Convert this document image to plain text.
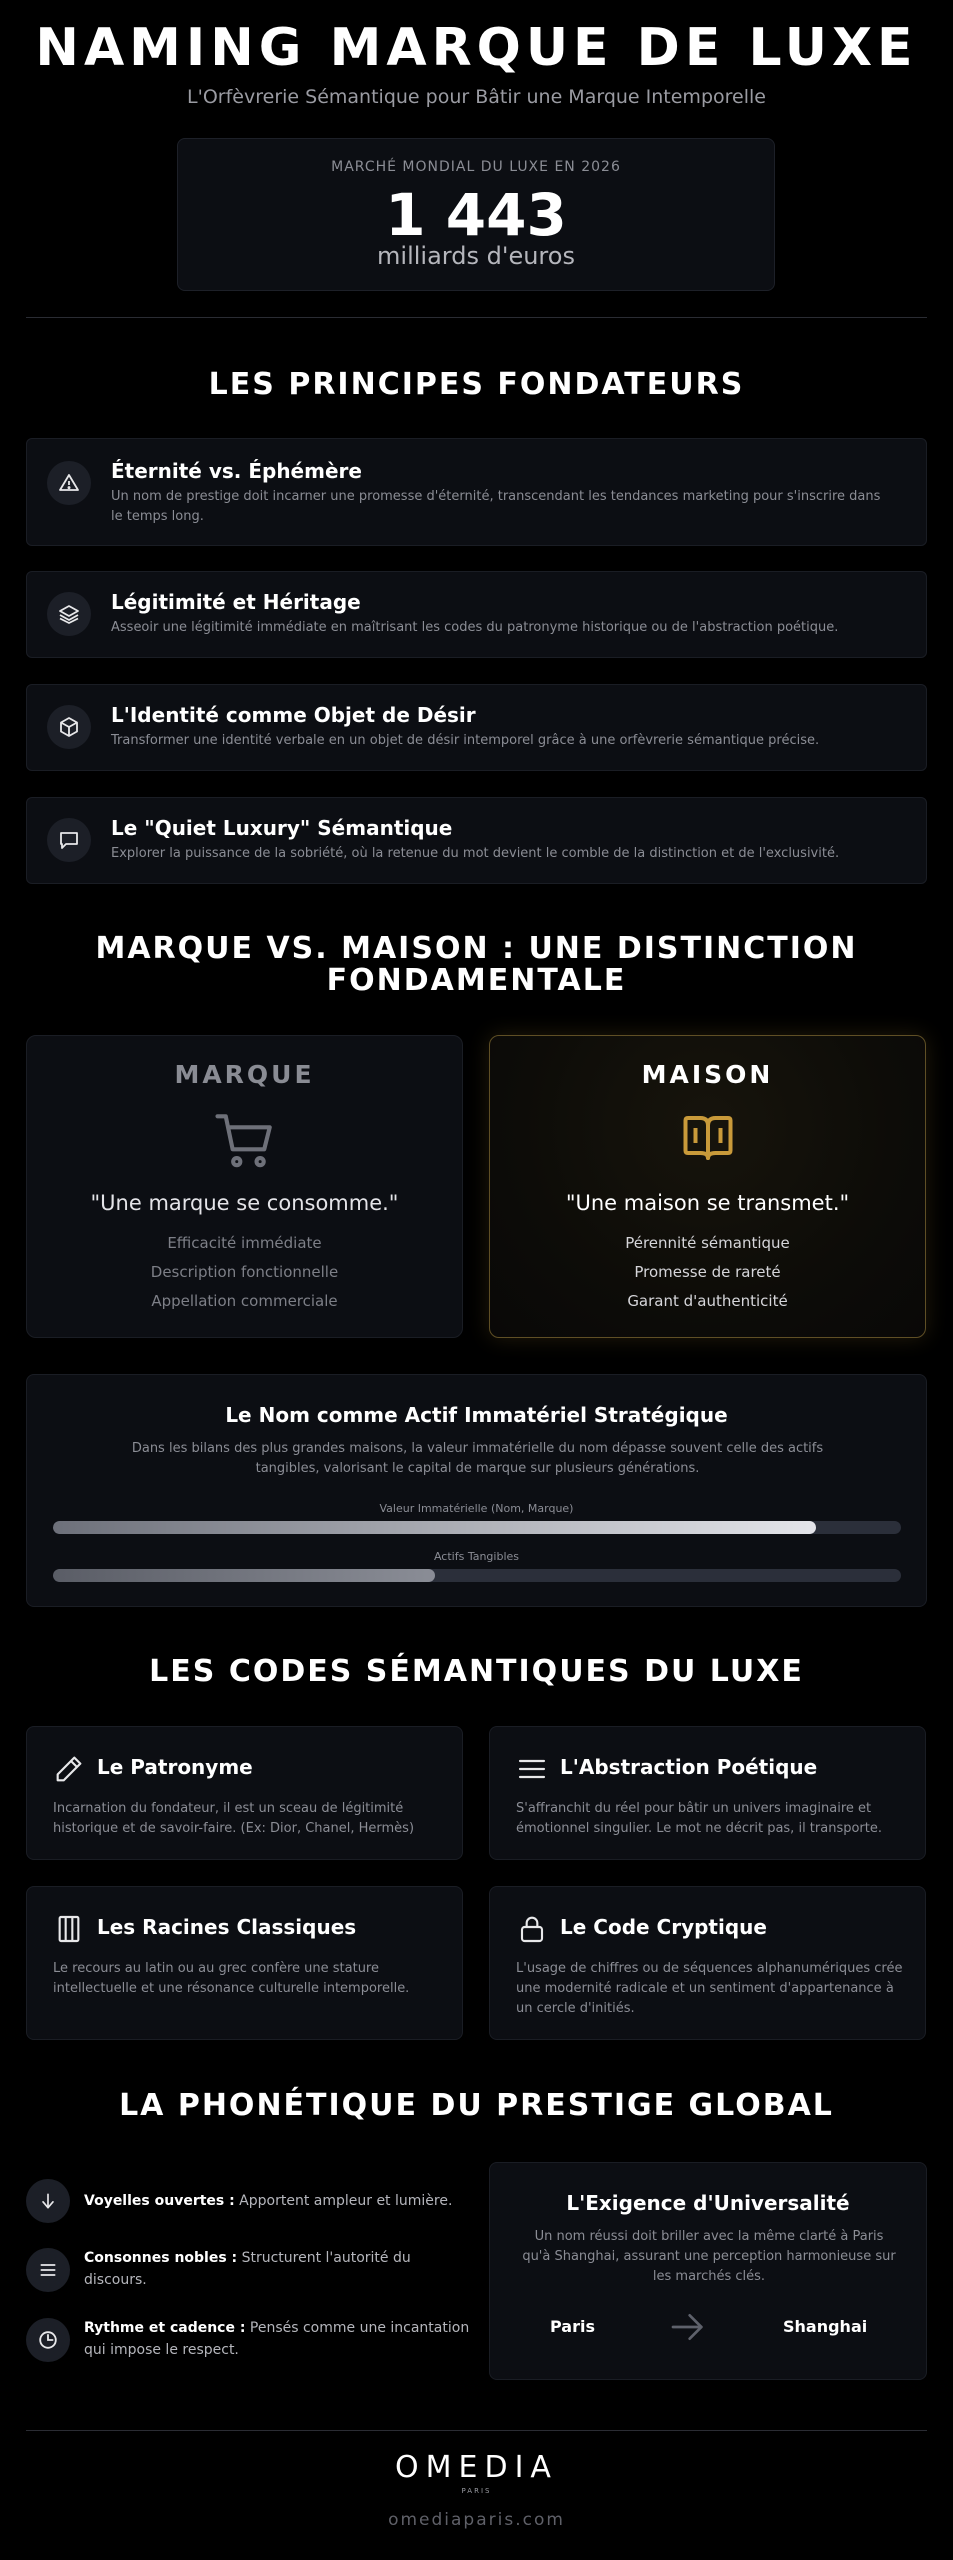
NAMING MARQUE DE LUXE
L'Orfèvrerie Sémantique pour Bâtir une Marque Intemporelle
MARCHÉ MONDIAL DU LUXE EN 2026
1 443
milliards d'euros
LES PRINCIPES FONDATEURS
Éternité vs. Éphémère
Un nom de prestige doit incarner une promesse d'éternité, transcendant les tendances marketing pour s'inscrire dans le temps long.
Légitimité et Héritage
Asseoir une légitimité immédiate en maîtrisant les codes du patronyme historique ou de l'abstraction poétique.
L'Identité comme Objet de Désir
Transformer une identité verbale en un objet de désir intemporel grâce à une orfèvrerie sémantique précise.
Le "Quiet Luxury" Sémantique
Explorer la puissance de la sobriété, où la retenue du mot devient le comble de la distinction et de l'exclusivité.
MARQUE VS. MAISON : UNE DISTINCTION
FONDAMENTALE
MARQUE
"Une marque se consomme."
Efficacité immédiate
Description fonctionnelle
Appellation commerciale
MAISON
"Une maison se transmet."
Pérennité sémantique
Promesse de rareté
Garant d'authenticité
Le Nom comme Actif Immatériel Stratégique
Dans les bilans des plus grandes maisons, la valeur immatérielle du nom dépasse souvent celle des actifs tangibles, valorisant le capital de marque sur plusieurs générations.
Valeur Immatérielle (Nom, Marque)
Actifs Tangibles
LES CODES SÉMANTIQUES DU LUXE
Le Patronyme
Incarnation du fondateur, il est un sceau de légitimité historique et de savoir-faire. (Ex: Dior, Chanel, Hermès)
L'Abstraction Poétique
S'affranchit du réel pour bâtir un univers imaginaire et émotionnel singulier. Le mot ne décrit pas, il transporte.
Les Racines Classiques
Le recours au latin ou au grec confère une stature intellectuelle et une résonance culturelle intemporelle.
Le Code Cryptique
L'usage de chiffres ou de séquences alphanumériques crée une modernité radicale et un sentiment d'appartenance à un cercle d'initiés.
LA PHONÉTIQUE DU PRESTIGE GLOBAL
Voyelles ouvertes : Apportent ampleur et lumière.
Consonnes nobles : Structurent l'autorité du discours.
Rythme et cadence : Pensés comme une incantation qui impose le respect.
L'Exigence d'Universalité
Un nom réussi doit briller avec la même clarté à Paris qu'à Shanghai, assurant une perception harmonieuse sur les marchés clés.
Paris	Shanghai
OMEDIA
PARIS
omediaparis.com
